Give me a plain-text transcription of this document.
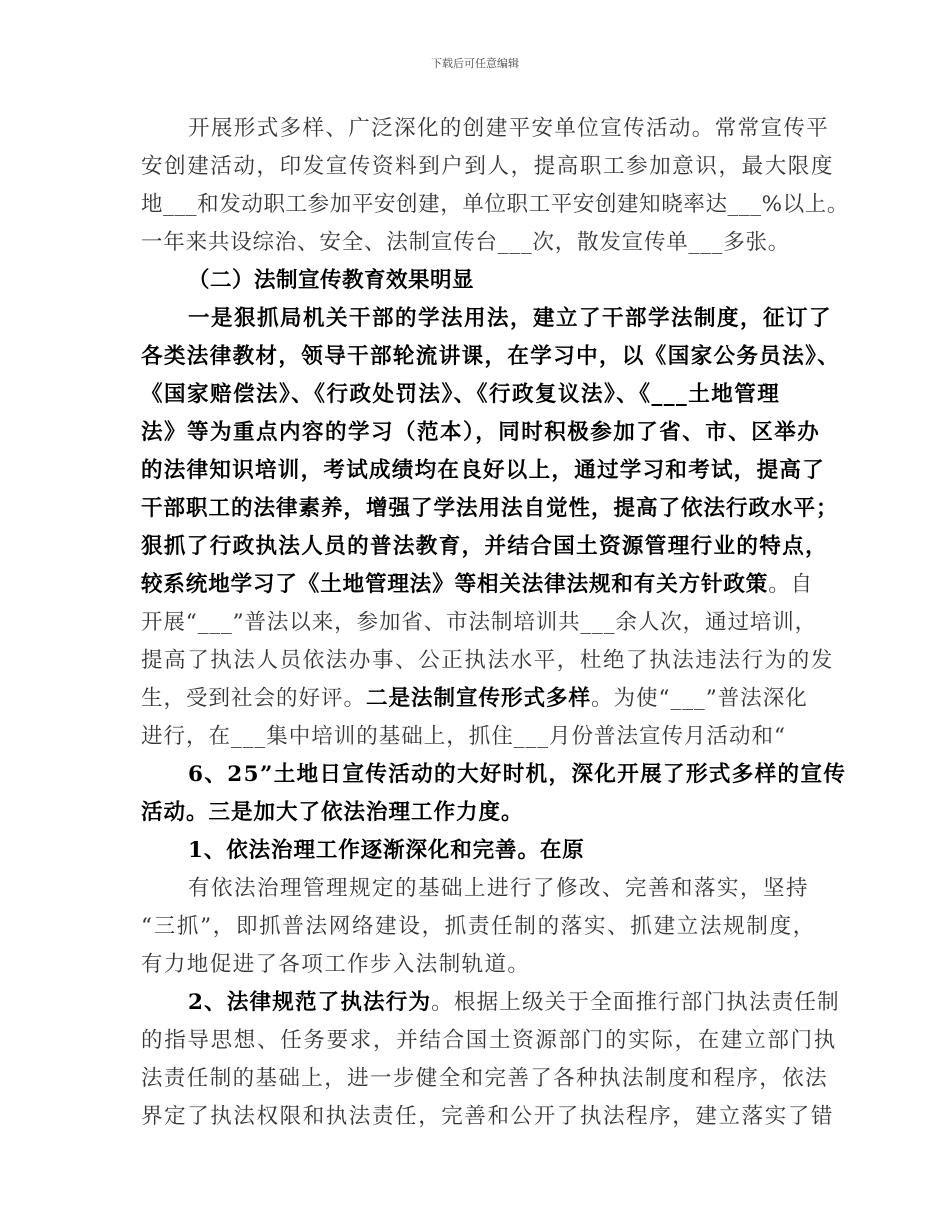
下载后可任意编辑
开展形式多样、广泛深化的创建平安单位宣传活动。常常宣传平
安创建活动，印发宣传资料到户到人，提高职工参加意识，最大限度
地___和发动职工参加平安创建，单位职工平安创建知晓率达___%以上。
一年来共设综治、安全、法制宣传台___次，散发宣传单___多张。
（二）法制宣传教育效果明显
一是狠抓局机关干部的学法用法，建立了干部学法制度，征订了
各类法律教材，领导干部轮流讲课，在学习中，以《国家公务员法》、
《国家赔偿法》、《行政处罚法》、《行政复议法》、《___土地管理
法》等为重点内容的学习（范本），同时积极参加了省、市、区举办
的法律知识培训，考试成绩均在良好以上，通过学习和考试，提高了
干部职工的法律素养，增强了学法用法自觉性，提高了依法行政水平；
狠抓了行政执法人员的普法教育，并结合国土资源管理行业的特点，
较系统地学习了《土地管理法》等相关法律法规和有关方针政策。自
开展“___”普法以来，参加省、市法制培训共___余人次，通过培训，
提高了执法人员依法办事、公正执法水平，杜绝了执法违法行为的发
生，受到社会的好评。二是法制宣传形式多样。为使“___”普法深化
进行，在___集中培训的基础上，抓住___月份普法宣传月活动和“
6、25”土地日宣传活动的大好时机，深化开展了形式多样的宣传
活动。三是加大了依法治理工作力度。
1、依法治理工作逐渐深化和完善。在原
有依法治理管理规定的基础上进行了修改、完善和落实，坚持
“三抓”，即抓普法网络建设，抓责任制的落实、抓建立法规制度，
有力地促进了各项工作步入法制轨道。
2、法律规范了执法行为。根据上级关于全面推行部门执法责任制
的指导思想、任务要求，并结合国土资源部门的实际，在建立部门执
法责任制的基础上，进一步健全和完善了各种执法制度和程序，依法
界定了执法权限和执法责任，完善和公开了执法程序，建立落实了错
